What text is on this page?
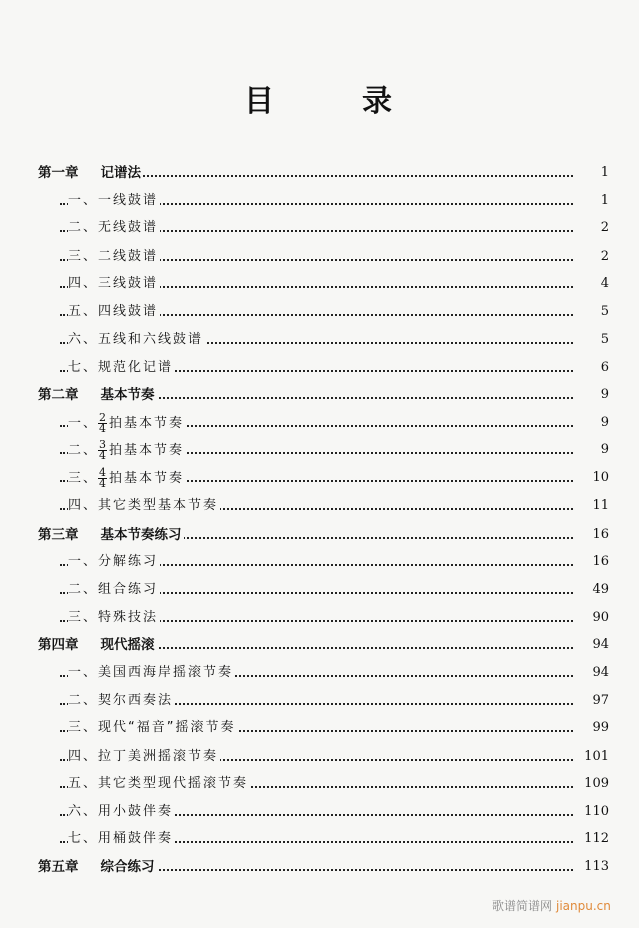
目	录
第一章 记谱法	1
一、一线鼓谱	1
二、无线鼓谱	2
三、二线鼓谱	2
四、三线鼓谱	4
五、四线鼓谱	5
六、五线和六线鼓谱	5
七、规范化记谱	6
第二章 基本节奏	9
一、 $\frac{2}{4}$ 拍基本节奏	9
二、 $\frac{3}{4}$ 拍基本节奏	9
三、 $\frac{4}{4}$ 拍基本节奏	10
四、其它类型基本节奏	11
第三章 基本节奏练习	16
一、分解练习	16
二、组合练习	49
三、特殊技法	90
第四章 现代摇滚	94
一、美国西海岸摇滚节奏	94
二、契尔西奏法	97
三、现代“福音”摇滚节奏	99
四、拉丁美洲摇滚节奏	101
五、其它类型现代摇滚节奏	109
六、用小鼓伴奏	110
七、用桶鼓伴奏	112
第五章 综合练习	113
歌谱简谱网 jianpu.cn
